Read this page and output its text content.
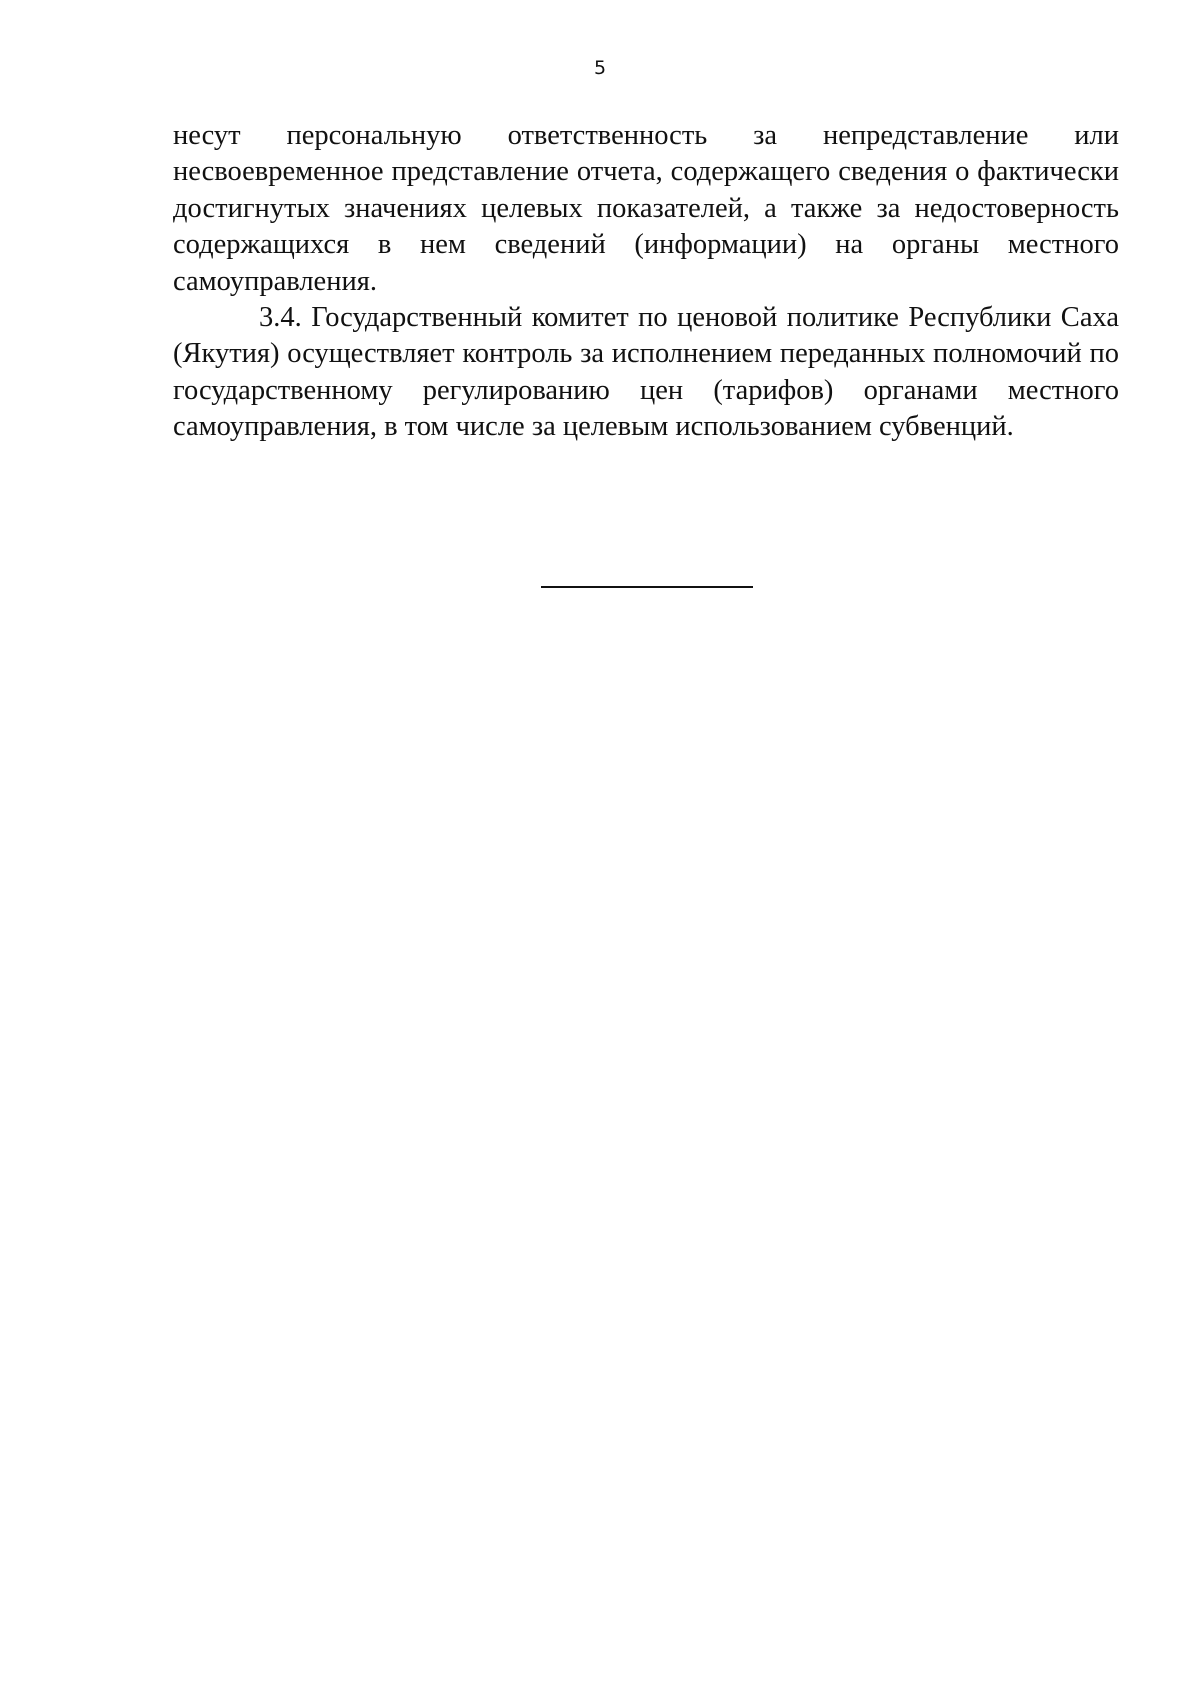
5

несут персональную ответственность за непредставление или несвоевременное представление отчета, содержащего сведения о фактически достигнутых значениях целевых показателей, а также за недостоверность содержащихся в нем сведений (информации) на органы местного самоуправления.

3.4. Государственный комитет по ценовой политике Республики Саха (Якутия) осуществляет контроль за исполнением переданных полномочий по государственному регулированию цен (тарифов) органами местного самоуправления, в том числе за целевым использованием субвенций.
